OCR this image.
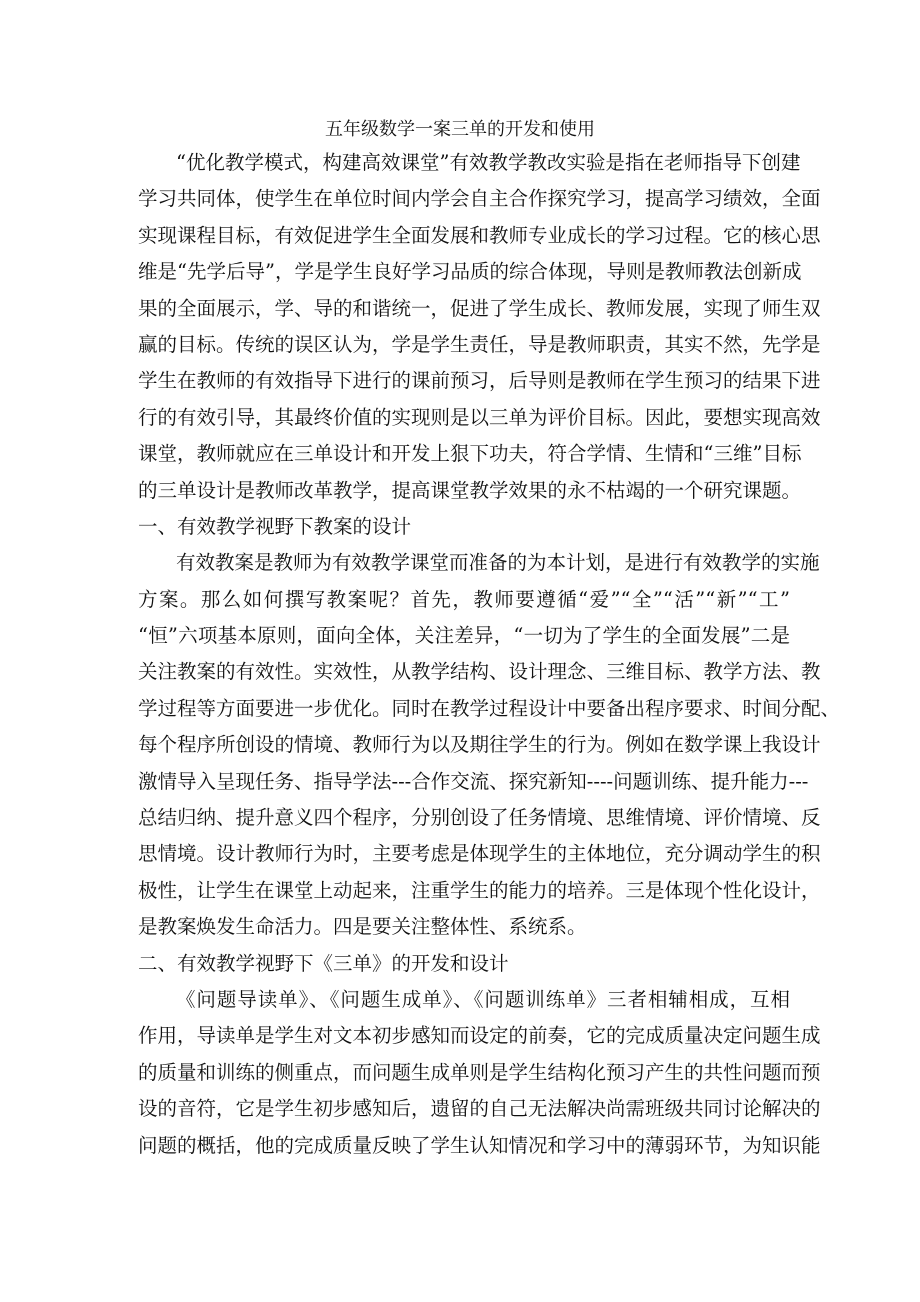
五年级数学一案三单的开发和使用
“优化教学模式，构建高效课堂”有效教学教改实验是指在老师指导下创建
学习共同体，使学生在单位时间内学会自主合作探究学习，提高学习绩效，全面
实现课程目标，有效促进学生全面发展和教师专业成长的学习过程。它的核心思
维是“先学后导”，学是学生良好学习品质的综合体现，导则是教师教法创新成
果的全面展示，学、导的和谐统一，促进了学生成长、教师发展，实现了师生双
赢的目标。传统的误区认为，学是学生责任，导是教师职责，其实不然，先学是
学生在教师的有效指导下进行的课前预习，后导则是教师在学生预习的结果下进
行的有效引导，其最终价值的实现则是以三单为评价目标。因此，要想实现高效
课堂，教师就应在三单设计和开发上狠下功夫，符合学情、生情和“三维”目标
的三单设计是教师改革教学，提高课堂教学效果的永不枯竭的一个研究课题。
一、有效教学视野下教案的设计
有效教案是教师为有效教学课堂而准备的为本计划，是进行有效教学的实施
方案。那么如何撰写教案呢？首先，教师要遵循“爱”“全”“活”“新”“工”
“恒”六项基本原则，面向全体，关注差异，“一切为了学生的全面发展”二是
关注教案的有效性。实效性，从教学结构、设计理念、三维目标、教学方法、教
学过程等方面要进一步优化。同时在教学过程设计中要备出程序要求、时间分配、
每个程序所创设的情境、教师行为以及期往学生的行为。例如在数学课上我设计
激情导入呈现任务、指导学法---合作交流、探究新知----问题训练、提升能力---
总结归纳、提升意义四个程序，分别创设了任务情境、思维情境、评价情境、反
思情境。设计教师行为时，主要考虑是体现学生的主体地位，充分调动学生的积
极性，让学生在课堂上动起来，注重学生的能力的培养。三是体现个性化设计，
是教案焕发生命活力。四是要关注整体性、系统系。
二、有效教学视野下《三单》的开发和设计
《问题导读单》、《问题生成单》、《问题训练单》三者相辅相成，互相
作用，导读单是学生对文本初步感知而设定的前奏，它的完成质量决定问题生成
的质量和训练的侧重点，而问题生成单则是学生结构化预习产生的共性问题而预
设的音符，它是学生初步感知后，遗留的自己无法解决尚需班级共同讨论解决的
问题的概括，他的完成质量反映了学生认知情况和学习中的薄弱环节，为知识能
